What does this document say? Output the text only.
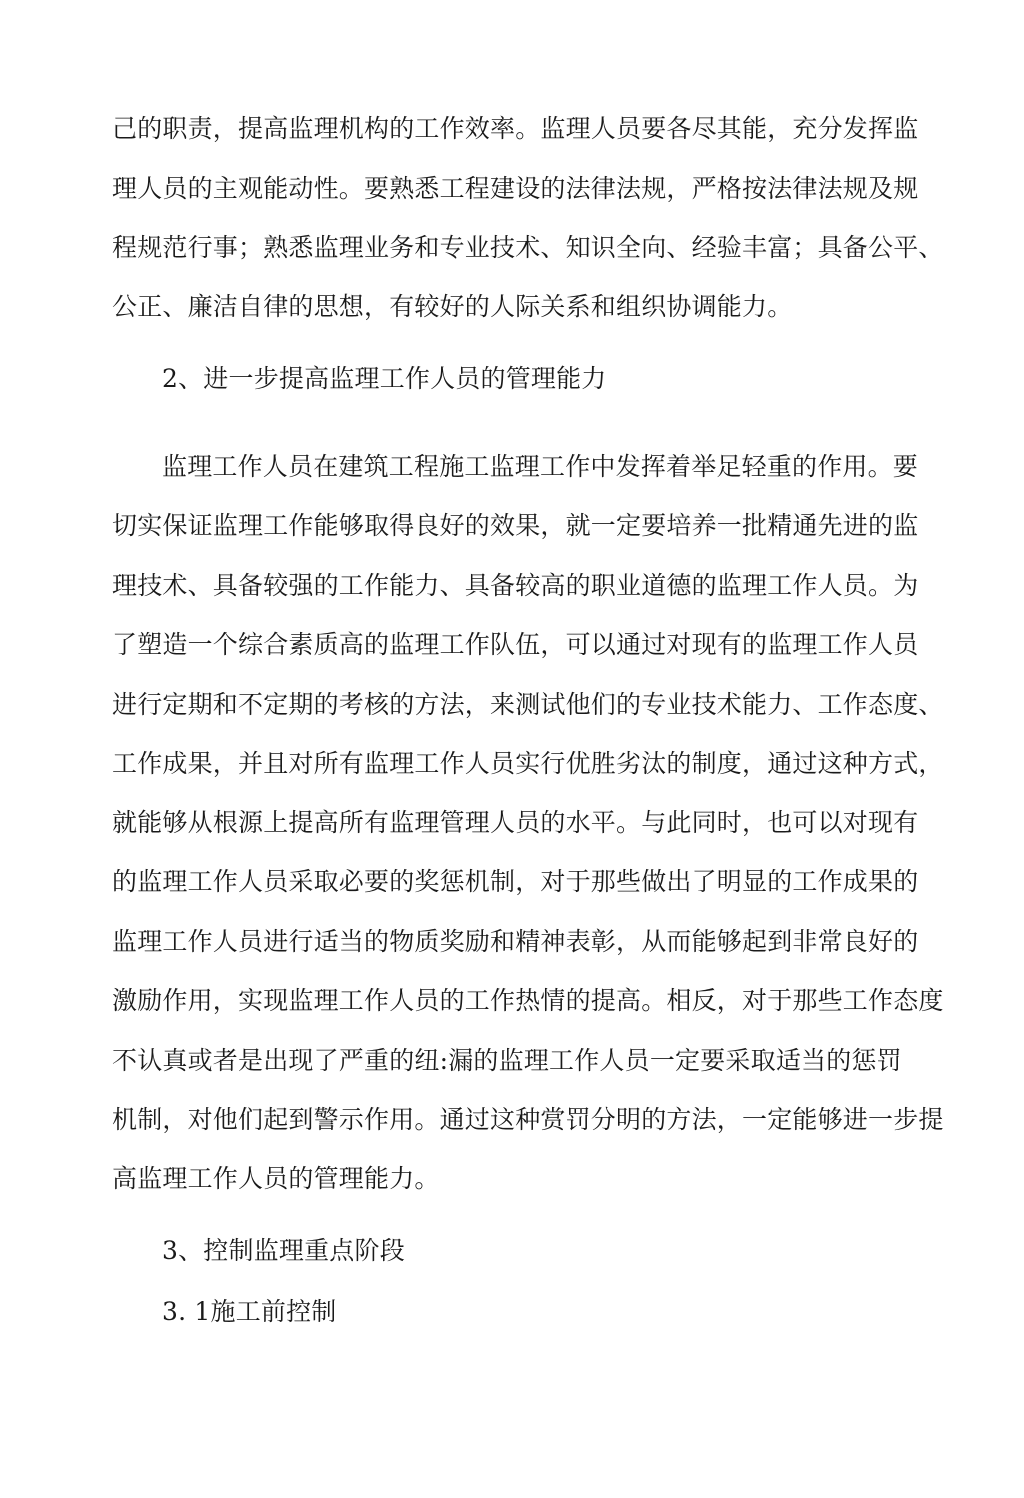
己的职责，提高监理机构的工作效率。监理人员要各尽其能，充分发挥监
理人员的主观能动性。要熟悉工程建设的法律法规，严格按法律法规及规
程规范行事；熟悉监理业务和专业技术、知识全向、经验丰富；具备公平、
公正、廉洁自律的思想，有较好的人际关系和组织协调能力。
2、进一步提高监理工作人员的管理能力
监理工作人员在建筑工程施工监理工作中发挥着举足轻重的作用。要
切实保证监理工作能够取得良好的效果，就一定要培养一批精通先进的监
理技术、具备较强的工作能力、具备较高的职业道德的监理工作人员。为
了塑造一个综合素质高的监理工作队伍，可以通过对现有的监理工作人员
进行定期和不定期的考核的方法，来测试他们的专业技术能力、工作态度、
工作成果，并且对所有监理工作人员实行优胜劣汰的制度，通过这种方式，
就能够从根源上提高所有监理管理人员的水平。与此同时，也可以对现有
的监理工作人员采取必要的奖惩机制，对于那些做出了明显的工作成果的
监理工作人员进行适当的物质奖励和精神表彰，从而能够起到非常良好的
激励作用，实现监理工作人员的工作热情的提高。相反，对于那些工作态度
不认真或者是出现了严重的纽:漏的监理工作人员一定要采取适当的惩罚
机制，对他们起到警示作用。通过这种赏罚分明的方法，一定能够进一步提
高监理工作人员的管理能力。
3、控制监理重点阶段
3. 1施工前控制
